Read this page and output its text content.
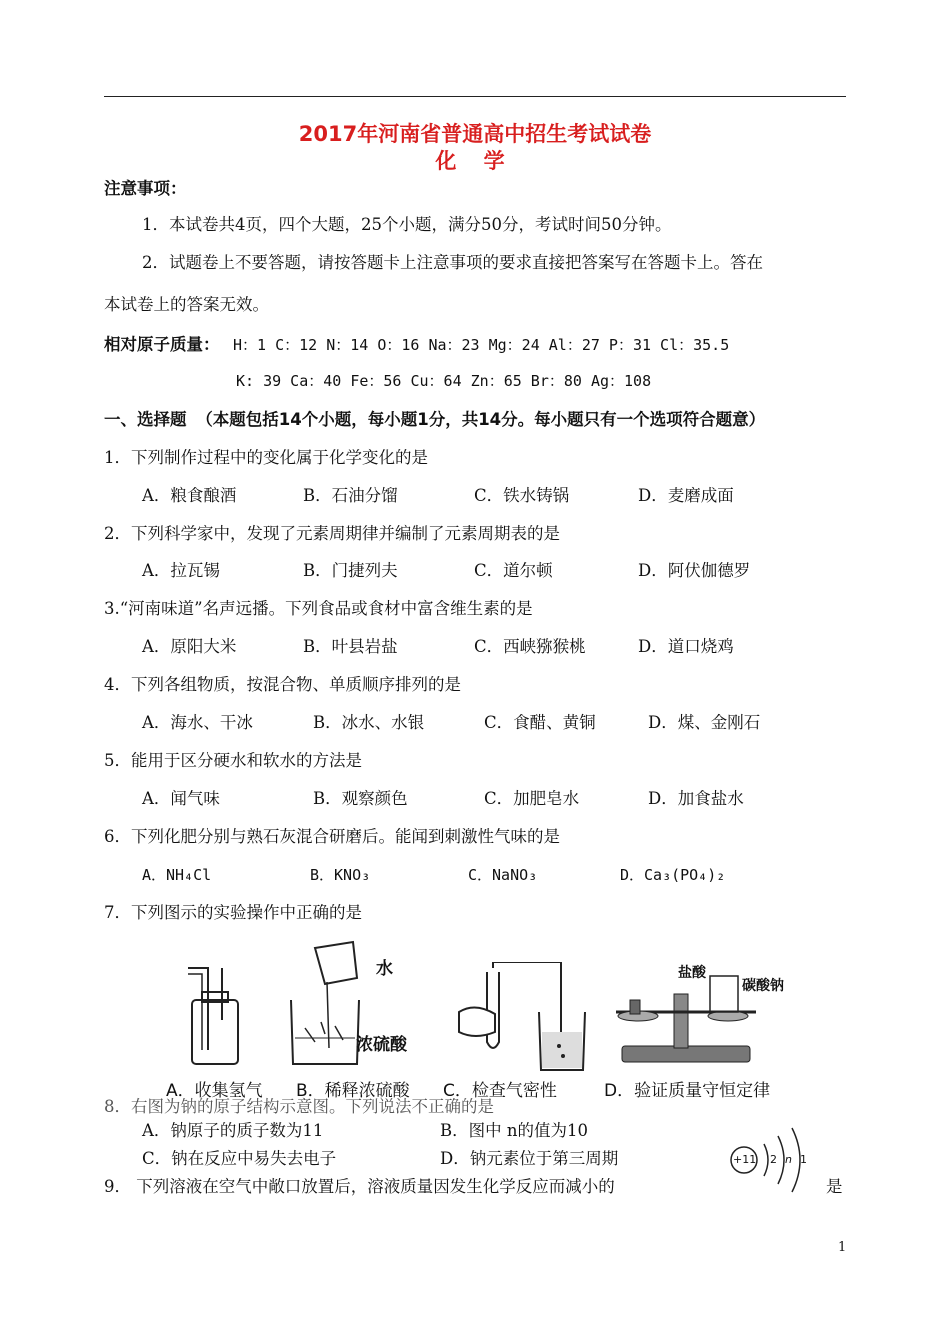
2017年河南省普通高中招生考试试卷
化 学
注意事项：
1．本试卷共4页，四个大题，25个小题，满分50分，考试时间50分钟。
2．试题卷上不要答题，请按答题卡上注意事项的要求直接把答案写在答题卡上。答在
本试卷上的答案无效。
相对原子质量： H：1 C：12 N：14 O：16 Na：23 Mg：24 Al：27 P：31 Cl：35.5
K: 39 Ca：40 Fe：56 Cu：64 Zn：65 Br：80 Ag：108
一、选择题 （本题包括14个小题，每小题1分，共14分。每小题只有一个选项符合题意）
1．下列制作过程中的变化属于化学变化的是
A．粮食酿酒	B．石油分馏	C．铁水铸锅	D．麦磨成面
2．下列科学家中，发现了元素周期律并编制了元素周期表的是
A．拉瓦锡	B．门捷列夫	C．道尔顿	D．阿伏伽德罗
3.“河南味道”名声远播。下列食品或食材中富含维生素的是
A．原阳大米	B．叶县岩盐	C．西峡猕猴桃	D．道口烧鸡
4．下列各组物质，按混合物、单质顺序排列的是
A．海水、干冰	B．冰水、水银	C．食醋、黄铜	D．煤、金刚石
5．能用于区分硬水和软水的方法是
A．闻气味	B．观察颜色	C．加肥皂水	D．加食盐水
6．下列化肥分别与熟石灰混合研磨后。能闻到刺激性气味的是
A．NH₄Cl	B．KNO₃	C．NaNO₃	D．Ca₃(PO₄)₂
7．下列图示的实验操作中正确的是
水
浓硫酸
盐酸
碳酸钠
A．收集氢气 B．稀释浓硫酸 C．检查气密性	D．验证质量守恒定律
8．右图为钠的原子结构示意图。下列说法不正确的是
A．钠原子的质子数为11	B．图中 n的值为10
C．钠在反应中易失去电子	D．钠元素位于第三周期	+11 2 n 1
9． 下列溶液在空气中敞口放置后，溶液质量因发生化学反应而减小的	是
1
